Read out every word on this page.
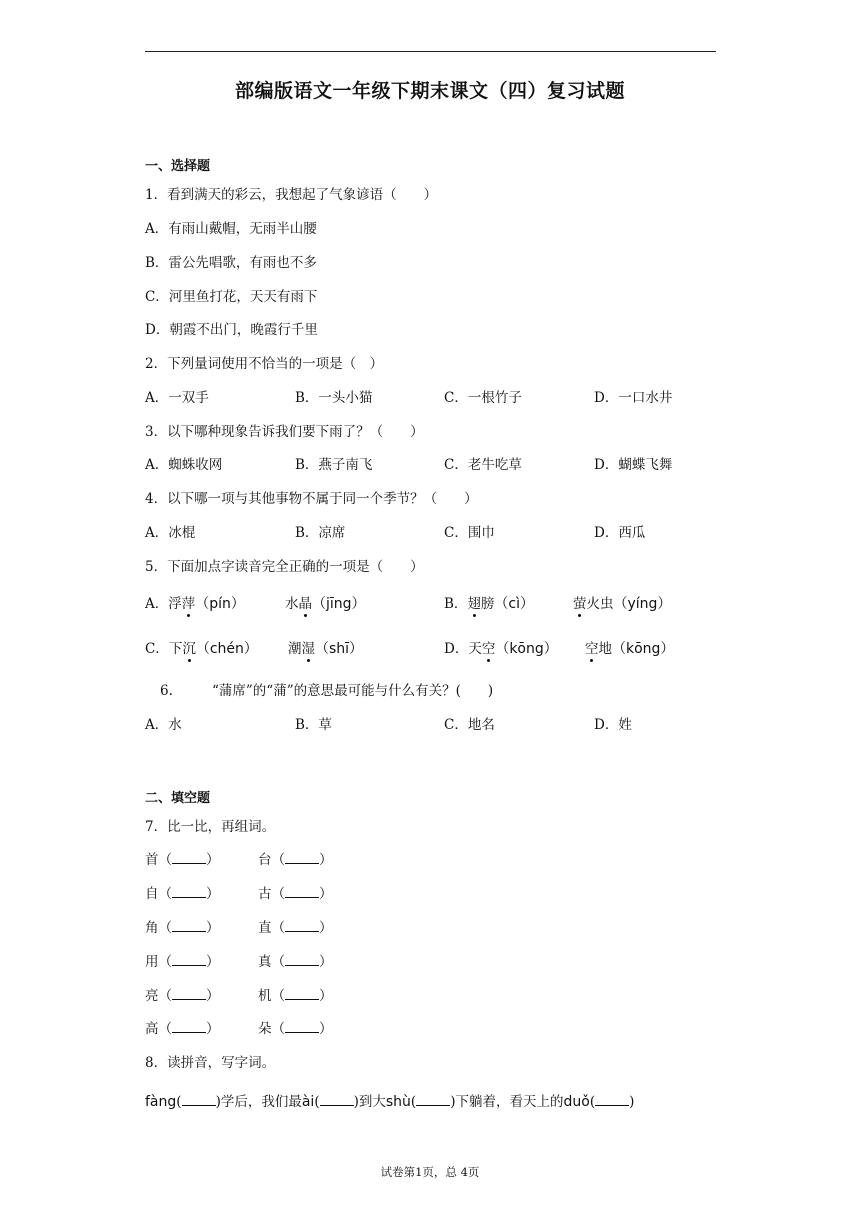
部编版语文一年级下期末课文（四）复习试题
一、选择题
1．看到满天的彩云，我想起了气象谚语（　　）
A．有雨山戴帽，无雨半山腰
B．雷公先唱歌，有雨也不多
C．河里鱼打花，天天有雨下
D．朝霞不出门，晚霞行千里
2．下列量词使用不恰当的一项是（　）
A．一双手	B．一头小猫	C．一根竹子	D．一口水井
3．以下哪种现象告诉我们要下雨了？（　　）
A．蜘蛛收网	B．燕子南飞	C．老牛吃草	D．蝴蝶飞舞
4．以下哪一项与其他事物不属于同一个季节？（　　）
A．冰棍	B．凉席	C．围巾	D．西瓜
5．下面加点字读音完全正确的一项是（　　）
A．浮萍（pín）	水晶（jīng）	B．翅膀（cì）	萤火虫（yíng）
C．下沉（chén） 潮湿（shī）	D．天空（kōng） 空地（kōng）
6.	“蒲席”的“蒲”的意思最可能与什么有关？(　　)
A．水	B．草	C．地名	D．姓
二、填空题
7．比一比，再组词。
首（	）	台（	）
自（	）	古（	）
角（	）	直（	）
用（	）	真（	）
亮（	）	机（	）
高（	）	朵（	）
8．读拼音，写字词。
fàng(	)学后，我们最ài(	)到大shù(	)下躺着，看天上的duǒ(	)
试卷第1页，总 4页
